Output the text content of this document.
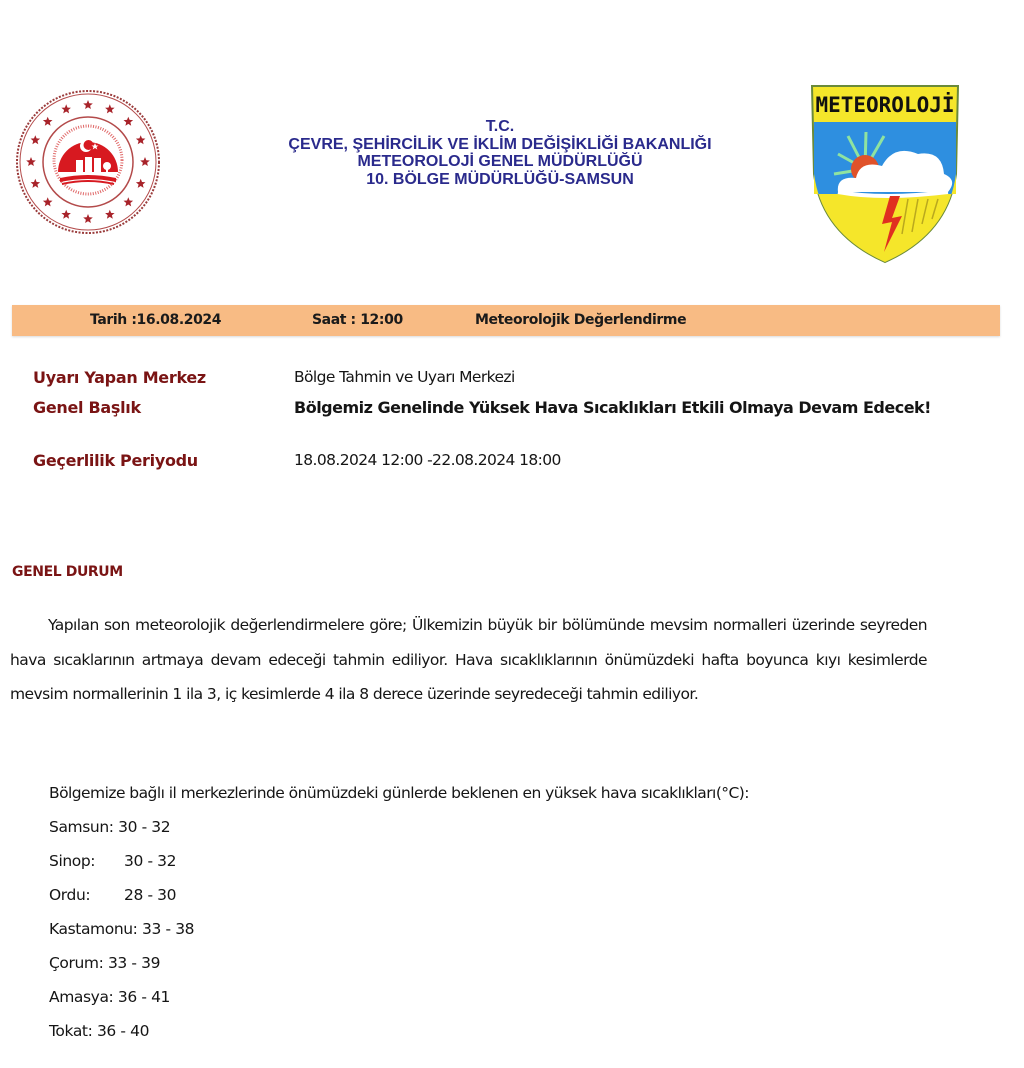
T.C.
ÇEVRE, ŞEHİRCİLİK VE İKLİM DEĞİŞİKLİĞİ BAKANLIĞI
METEOROLOJİ GENEL MÜDÜRLÜĞÜ
10. BÖLGE MÜDÜRLÜĞÜ-SAMSUN
METEOROLOJİ
Tarih :16.08.2024	Saat : 12:00	Meteorolojik Değerlendirme
Uyarı Yapan Merkez	Bölge Tahmin ve Uyarı Merkezi
Genel Başlık	Bölgemiz Genelinde Yüksek Hava Sıcaklıkları Etkili Olmaya Devam Edecek!
Geçerlilik Periyodu	18.08.2024 12:00 -22.08.2024 18:00
GENEL DURUM
Yapılan son meteorolojik değerlendirmelere göre; Ülkemizin büyük bir bölümünde mevsim normalleri üzerinde seyreden hava sıcaklarının artmaya devam edeceği tahmin ediliyor. Hava sıcaklıklarının önümüzdeki hafta boyunca kıyı kesimlerde mevsim normallerinin 1 ila 3, iç kesimlerde 4 ila 8 derece üzerinde seyredeceği tahmin ediliyor.
Bölgemize bağlı il merkezlerinde önümüzdeki günlerde beklenen en yüksek hava sıcaklıkları(°C):
Samsun: 30 - 32
Sinop: 30 - 32
Ordu: 28 - 30
Kastamonu: 33 - 38
Çorum: 33 - 39
Amasya: 36 - 41
Tokat: 36 - 40
